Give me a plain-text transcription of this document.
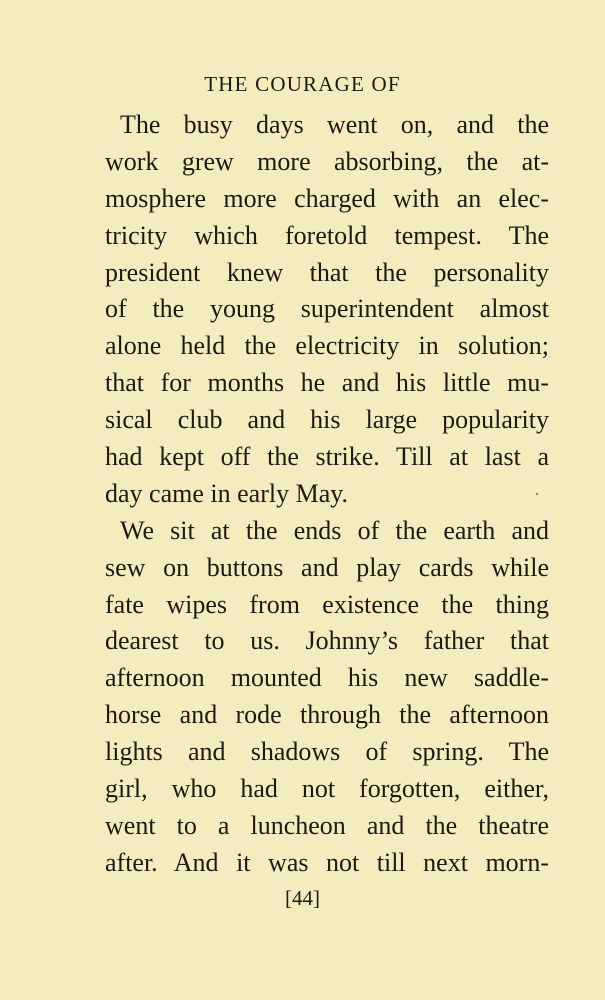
THE COURAGE OF
The busy days went on, and the
work grew more absorbing, the at-
mosphere more charged with an elec-
tricity which foretold tempest. The
president knew that the personality
of the young superintendent almost
alone held the electricity in solution;
that for months he and his little mu-
sical club and his large popularity
had kept off the strike. Till at last a
day came in early May.
We sit at the ends of the earth and
sew on buttons and play cards while
fate wipes from existence the thing
dearest to us. Johnny’s father that
afternoon mounted his new saddle-
horse and rode through the afternoon
lights and shadows of spring. The
girl, who had not forgotten, either,
went to a luncheon and the theatre
after. And it was not till next morn-
[44]
